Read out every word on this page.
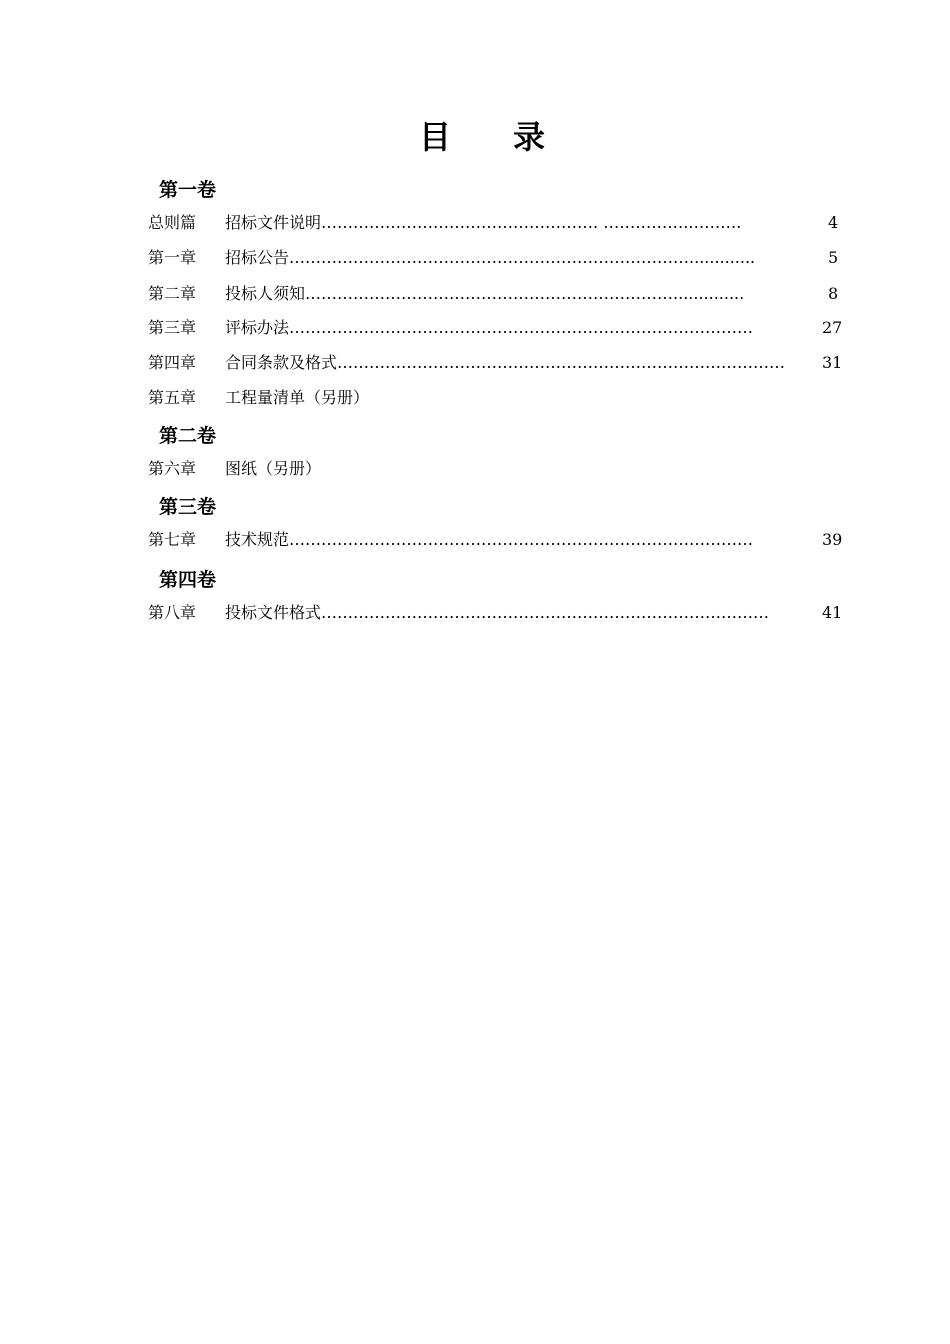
目 录
第一卷
总则篇 招标文件说明……………………………………………. …………….……….	4
第一章 招标公告………………………………………………………………….............	5
第二章 投标人须知……………………………………………………………..............	8
第三章 评标办法……………………………………………………………………………	27
第四章 合同条款及格式………………………………………………………………………… 31
第五章 工程量清单（另册）
第二卷
第六章 图纸（另册）
第三卷
第七章 技术规范……………………………………………………………………………	39
第四卷
第八章 投标文件格式…………………………………………………………………………	41
